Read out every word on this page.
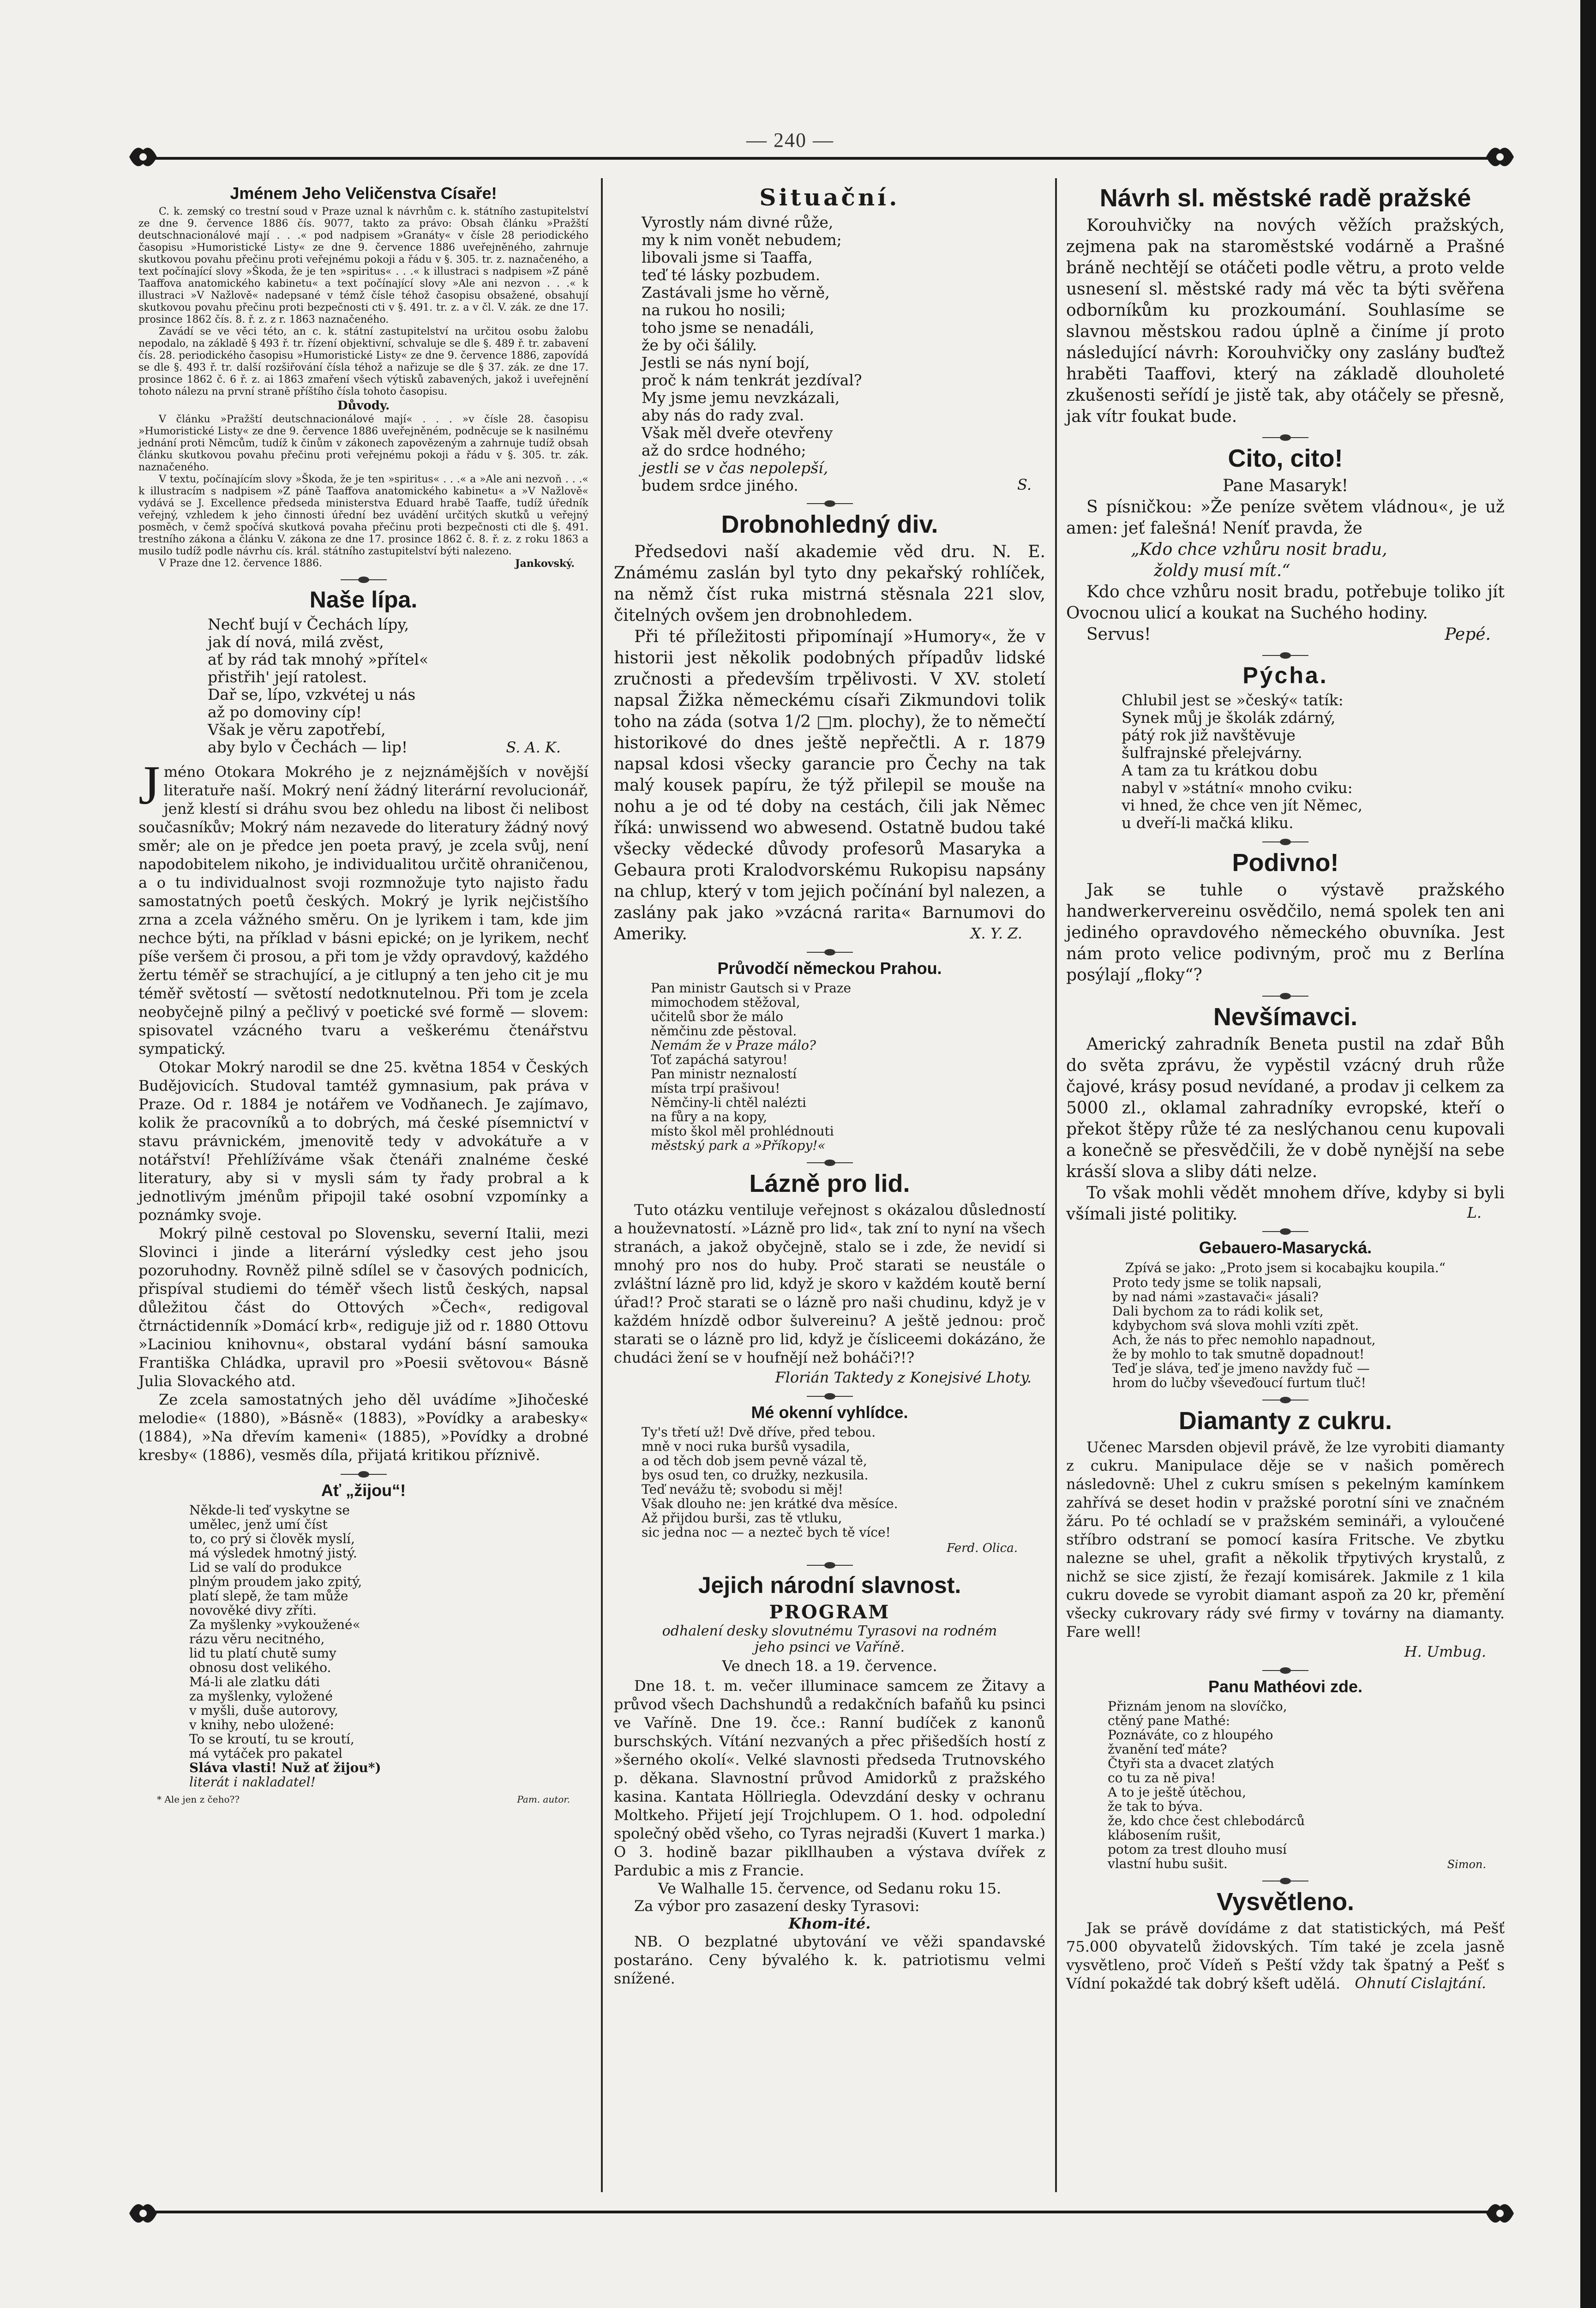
— 240 —
Jménem Jeho Veličenstva Císaře!

C. k. zemský co trestní soud v Praze uznal k návrhům c. k. státního zastupitelství ze dne 9. července 1886 čís. 9077, takto za právo: Obsah článku »Pražští deutschnacionálové mají . . .« pod nadpisem »Granáty« v čísle 28 periodického časopisu »Humoristické Listy« ze dne 9. července 1886 uveřejněného, zahrnuje skutkovou povahu přečinu proti veřejnému pokoji a řádu v §. 305. tr. z. naznačeného, a text počínající slovy »Škoda, že je ten »spiritus« . . .« k illustraci s nadpisem »Z páně Taaffova anatomického kabinetu« a text počínající slovy »Ale ani nezvon . . .« k illustraci »V Nažlově« nadepsané v témž čísle téhož časopisu obsažené, obsahují skutkovou povahu přečinu proti bezpečnosti cti v §. 491. tr. z. a v čl. V. zák. ze dne 17. prosince 1862 čís. 8. ř. z. z r. 1863 naznačeného.

Zavádí se ve věci této, an c. k. státní zastupitelství na určitou osobu žalobu nepodalo, na základě § 493 ř. tr. řízení objektivní, schvaluje se dle §. 489 ř. tr. zabavení čís. 28. periodického časopisu »Humoristické Listy« ze dne 9. července 1886, zapovídá se dle §. 493 ř. tr. další rozšiřování čísla téhož a nařizuje se dle § 37. zák. ze dne 17. prosince 1862 č. 6 ř. z. ai 1863 zmaření všech výtisků zabavených, jakož i uveřejnění tohoto nálezu na první straně příštího čísla tohoto časopisu.

Důvody.

V článku »Pražští deutschnacionálové mají« . . . »v čísle 28. časopisu »Humoristické Listy« ze dne 9. července 1886 uveřejněném, podněcuje se k nasilnému jednání proti Němcům, tudíž k činům v zákonech zapovězeným a zahrnuje tudíž obsah článku skutkovou povahu přečinu proti veřejnému pokoji a řádu v §. 305. tr. zák. naznačeného.

V textu, počínajícím slovy »Škoda, že je ten »spiritus« . . .« a »Ale ani nezvoň . . .« k illustracím s nadpisem »Z páně Taaffova anatomického kabinetu« a »V Nažlově« vydává se J. Excellence předseda ministerstva Eduard hrabě Taaffe, tudíž úředník veřejný, vzhledem k jeho činnosti úřední bez uvádění určitých skutků u veřejný posměch, v čemž spočívá skutková povaha přečinu proti bezpečnosti cti dle §. 491. trestního zákona a článku V. zákona ze dne 17. prosince 1862 č. 8. ř. z. z roku 1863 a musilo tudíž podle návrhu cís. král. státního zastupitelství býti nalezeno.

V Praze dne 12. července 1886.	Jankovský.
Naše lípa.
Nechť bují v Čechách lípy,
jak dí nová, milá zvěst,
ať by rád tak mnohý »přítel«
přistřih' její ratolest.
Dař se, lípo, vzkvétej u nás
až po domoviny cíp!
Však je věru zapotřebí,
aby bylo v Čechách — lip!	S. A. K.
J méno Otokara Mokrého je z nejznámějších v novější literatuře naší. Mokrý není žádný literární revolucionář, jenž klestí si dráhu svou bez ohledu na libost či nelibost současníkův; Mokrý nám nezavede do literatury žádný nový směr; ale on je předce jen poeta pravý, je zcela svůj, není napodobitelem nikoho, je individualitou určitě ohraničenou, a o tu individualnost svoji rozmnožuje tyto najisto řadu samostatných poetů českých. Mokrý je lyrik nejčistšího zrna a zcela vážného směru. On je lyrikem i tam, kde jim nechce býti, na příklad v básni epické; on je lyrikem, nechť píše veršem či prosou, a při tom je vždy opravdový, každého žertu téměř se strachující, a je citlupný a ten jeho cit je mu téměř světostí — světostí nedotknutelnou. Při tom je zcela neobyčejně pilný a pečlivý v poetické své formě — slovem: spisovatel vzácného tvaru a veškerému čtenářstvu sympatický.

Otokar Mokrý narodil se dne 25. května 1854 v Českých Budějovicích. Studoval tamtéž gymnasium, pak práva v Praze. Od r. 1884 je notářem ve Vodňanech. Je zajímavo, kolik že pracovníků a to dobrých, má české písemnictví v stavu právnickém, jmenovitě tedy v advokátuře a v notářství! Přehlížíváme však čtenáři znalnéme české literatury, aby si v mysli sám ty řady probral a k jednotlivým jménům připojil také osobní vzpomínky a poznámky svoje.

Mokrý pilně cestoval po Slovensku, severní Italii, mezi Slovinci i jinde a literární výsledky cest jeho jsou pozoruhodny. Rovněž pilně sdílel se v časových podnicích, přispíval studiemi do téměř všech listů českých, napsal důležitou část do Ottových »Čech«, redigoval čtrnáctidenník »Domácí krb«, rediguje již od r. 1880 Ottovu »Laciniou knihovnu«, obstaral vydání básní samouka Františka Chládka, upravil pro »Poesii světovou« Básně Julia Slovackého atd.

Ze zcela samostatných jeho děl uvádíme »Jihočeské melodie« (1880), »Básně« (1883), »Povídky a arabesky« (1884), »Na dřevím kameni« (1885), »Povídky a drobné kresby« (1886), vesměs díla, přijatá kritikou příznivě.

Ať „žijou“!
Někde-li teď vyskytne se
umělec, jenž umí číst
to, co prý si člověk myslí,
má výsledek hmotný jistý.
Lid se valí do produkce
plným proudem jako zpitý,
platí slepě, že tam může
novověké divy zříti.
Za myšlenky »vykoužené«
rázu věru necitného,
lid tu platí chutě sumy
obnosu dost velikého.
Má-li ale zlatku dáti
za myšlenky, vyložené
v myšli, duše autorovy,
v knihy, nebo uložené:
To se kroutí, tu se kroutí,
má vytáček pro pakatel
Sláva vlasti! Nuž ať žijou*)
literát i nakladatel!
* Ale jen z čeho??	Pam. autor.
Situační.
Vyrostly nám divné růže,
my k nim vonět nebudem;
libovali jsme si Taaffa,
teď té lásky pozbudem.
Zastávali jsme ho věrně,
na rukou ho nosili;
toho jsme se nenadáli,
že by oči šálily.
Jestli se nás nyní bojí,
proč k nám tenkrát jezdíval?
My jsme jemu nevzkázali,
aby nás do rady zval.
Však měl dveře otevřeny
až do srdce hodného;
jestli se v čas nepolepší,
budem srdce jiného.	S.
Drobnohledný div.

Předsedovi naší akademie věd dru. N. E. Známému zaslán byl tyto dny pekařský rohlíček, na němž číst ruka mistrná stěsnala 221 slov, čitelných ovšem jen drobnohledem.

Při té příležitosti připomínají »Humory«, že v historii jest několik podobných případův lidské zručnosti a především trpělivosti. V XV. století napsal Žižka německému císaři Zikmundovi tolik toho na záda (sotva 1/2 □m. plochy), že to němečtí historikové do dnes ještě nepřečtli. A r. 1879 napsal kdosi všecky garancie pro Čechy na tak malý kousek papíru, že týž přilepil se mouše na nohu a je od té doby na cestách, čili jak Němec říká: unwissend wo abwesend. Ostatně budou také všecky vědecké důvody profesorů Masaryka a Gebaura proti Kralodvorskému Rukopisu napsány na chlup, který v tom jejich počínání byl nalezen, a zaslány pak jako »vzácná rarita« Barnumovi do Ameriky.	X. Y. Z.
Průvodčí německou Prahou.
Pan ministr Gautsch si v Praze
mimochodem stěžoval,
učitelů sbor že málo
němčinu zde pěstoval.
Nemám že v Praze málo?
Toť zapáchá satyrou!
Pan ministr neznalostí
místa trpí prašivou!
Němčiny-li chtěl nalézti
na fůry a na kopy,
místo škol měl prohlédnouti
městský park a »Příkopy!«
Lázně pro lid.

Tuto otázku ventiluje veřejnost s okázalou důsledností a houževnatostí. »Lázně pro lid«, tak zní to nyní na všech stranách, a jakož obyčejně, stalo se i zde, že nevidí si mnohý pro nos do huby. Proč starati se neustále o zvláštní lázně pro lid, když je skoro v každém koutě berní úřad!? Proč starati se o lázně pro naši chudinu, když je v každém hnízdě odbor šulvereinu? A ještě jednou: proč starati se o lázně pro lid, když je čísliceemi dokázáno, že chudáci žení se v houfnějí než boháči?!?

Florián Taktedy z Konejsivé Lhoty.
Mé okenní vyhlídce.
Ty's třetí už! Dvě dříve, před tebou.
mně v noci ruka buršů vysadila,
a od těch dob jsem pevně vázal tě,
bys osud ten, co družky, nezkusila.
Teď nevážu tě; svobodu si měj!
Však dlouho ne: jen krátké dva měsíce.
Až přijdou burši, zas tě vtluku,
sic jedna noc — a nezteč bych tě více!
Ferd. Olica.
Jejich národní slavnost.
PROGRAM
odhalení desky slovutnému Tyrasovi na rodném jeho psinci ve Vaříně.
Ve dnech 18. a 19. července.

Dne 18. t. m. večer illuminace samcem ze Žitavy a průvod všech Dachshundů a redakčních bafaňů ku psinci ve Vaříně. Dne 19. čce.: Ranní budíček z kanonů burschských. Vítání nezvaných a přec přišedších hostí z »šerného okolí«. Velké slavnosti předseda Trutnovského p. děkana. Slavnostní průvod Amidorků z pražského kasina. Kantata Höllriegla. Odevzdání desky v ochranu Moltkeho. Přijetí její Trojchlupem. O 1. hod. odpolední společný oběd všeho, co Tyras nejradši (Kuvert 1 marka.) O 3. hodině bazar pikllhauben a výstava dvířek z Pardubic a mis z Francie.

Ve Walhalle 15. července, od Sedanu roku 15.
Za výbor pro zasazení desky Tyrasovi:
Khom-ité.

NB. O bezplatné ubytování ve věži spandavské postaráno. Ceny bývalého k. k. patriotismu velmi snížené.

Návrh sl. městské radě pražské

Korouhvičky na nových věžích pražských, zejmena pak na staroměstské vodárně a Prašné bráně nechtějí se otáčeti podle větru, a proto velde usnesení sl. městské rady má věc ta býti svěřena odborníkům ku prozkoumání. Souhlasíme se slavnou městskou radou úplně a činíme jí proto následující návrh: Korouhvičky ony zaslány buďtež hraběti Taaffovi, který na základě dlouholeté zkušenosti seřídí je jistě tak, aby otáčely se přesně, jak vítr foukat bude.

Cito, cito!
Pane Masaryk!

S písničkou: »Že peníze světem vládnou«, je už amen: jeť falešná! Neníť pravda, že

„Kdo chce vzhůru nosit bradu,
žoldy musí mít.“

Kdo chce vzhůru nosit bradu, potřebuje toliko jít Ovocnou ulicí a koukat na Suchého hodiny.

Servus!	Pepé.
Pýcha.
Chlubil jest se »český« tatík:
Synek můj je školák zdárný,
pátý rok již navštěvuje
šulfrajnské přelejvárny.
A tam za tu krátkou dobu
nabyl v »státní« mnoho cviku:
vi hned, že chce ven jít Němec,
u dveří-li mačká kliku.
Podivno!

Jak se tuhle o výstavě pražského handwerkervereinu osvědčilo, nemá spolek ten ani jediného opravdového německého obuvníka. Jest nám proto velice podivným, proč mu z Berlína posýlají „floky“?

Nevšímavci.

Americký zahradník Beneta pustil na zdař Bůh do světa zprávu, že vypěstil vzácný druh růže čajové, krásy posud nevídané, a prodav ji celkem za 5000 zl., oklamal zahradníky evropské, kteří o překot štěpy růže té za neslýchanou cenu kupovali a konečně se přesvědčili, že v době nynější na sebe krásší slova a sliby dáti nelze.

To však mohli vědět mnohem dříve, kdyby si byli všímali jisté politiky.	L.
Gebauero-Masarycká.
Zpívá se jako: „Proto jsem si kocabajku koupila.“
Proto tedy jsme se tolik napsali,
by nad námi »zastavači« jásali?
Dali bychom za to rádi kolik set,
kdybychom svá slova mohli vzíti zpět.
Ach, že nás to přec nemohlo napadnout,
že by mohlo to tak smutně dopadnout!
Teď je sláva, teď je jmeno navždy fuč —
hrom do lučby vševeďoucí furtum tluč!
Diamanty z cukru.

Učenec Marsden objevil právě, že lze vyrobiti diamanty z cukru. Manipulace děje se v našich poměrech následovně: Uhel z cukru smísen s pekelným kamínkem zahřívá se deset hodin v pražské porotní síni ve značném žáru. Po té ochladí se v pražském semináři, a vyloučené stříbro odstraní se pomocí kasíra Fritsche. Ve zbytku nalezne se uhel, grafit a několik třpytivých krystalů, z nichž se sice zjistí, že řezají komisárek. Jakmile z 1 kila cukru dovede se vyrobit diamant aspoň za 20 kr, přemění všecky cukrovary rády své firmy v továrny na diamanty. Fare well!

H. Umbug.
Panu Mathéovi zde.
Přiznám jenom na slovíčko,
ctěný pane Mathé:
Poznáváte, co z hloupého
žvanění teď máte?
Čtyři sta a dvacet zlatých
co tu za ně piva!
A to je ještě útěchou,
že tak to býva.
že, kdo chce čest chlebodárců
klábosením rušit,
potom za trest dlouho musí
vlastní hubu sušit.	Simon.
Vysvětleno.

Jak se právě dovídáme z dat statistických, má Pešť 75.000 obyvatelů židovských. Tím také je zcela jasně vysvětleno, proč Vídeň s Peští vždy tak špatný a Pešť s Vídní pokaždé tak dobrý kšeft udělá. Ohnutí Cislajtání.
